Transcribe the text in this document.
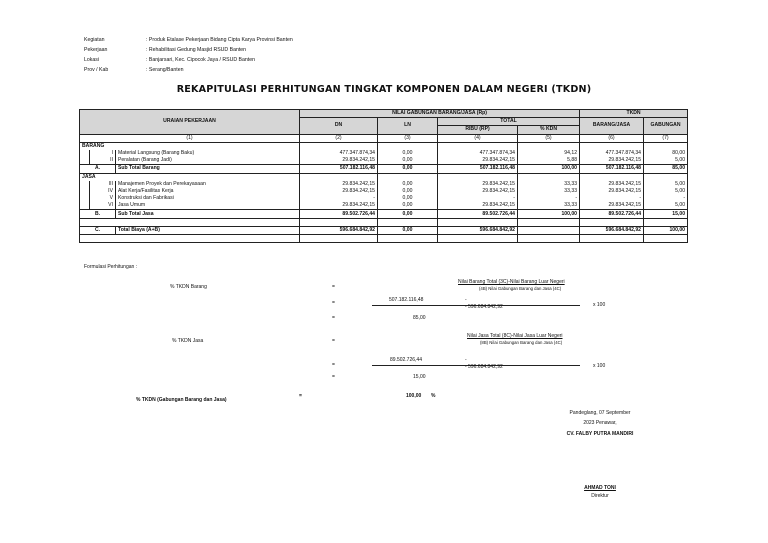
Kegiatan	: Produk Etalase Pekerjaan Bidang Cipta Karya Provinsi Banten
Pekerjaan	: Rehabilitasi Gedung Masjid RSUD Banten
Lokasi	: Banjarsari, Kec. Cipocok Jaya / RSUD Banten
Prov / Kab	: Serang/Banten
REKAPITULASI PERHITUNGAN TINGKAT KOMPONEN DALAM NEGERI (TKDN)
URAIAN PEKERJAAN			NILAI GABUNGAN BARANG/JASA (Rp)				TKDN	
			DN	LN	TOTAL		BARANG/JASA	GABUNGAN
					RIBU (RP)	% KDN		
(1)			(2)	(3)	(4)	(5)	(6)	(7)
BARANG								
	I	Material Langsung (Barang Baku)	477.347.874,34	0,00	477.347.874,34	94,12	477.347.874,34	80,00
	II	Peralatan (Barang Jadi)	29.834.242,15	0,00	29.834.242,15	5,88	29.834.242,15	5,00
A.		Sub Total Barang	507.182.116,48	0,00	507.182.116,48	100,00	507.182.116,48	85,00
JASA								
	III	Manajemen Proyek dan Perekayasaan	29.834.242,15	0,00	29.834.242,15	33,33	29.834.242,15	5,00
	IV	Alat Kerja/Fasilitas Kerja	29.834.242,15	0,00	29.834.242,15	33,33	29.834.242,15	5,00
	V	Konstruksi dan Fabrikasi	-	0,00	-	-	-	-
	VI	Jasa Umum	29.834.242,15	0,00	29.834.242,15	33,33	29.834.242,15	5,00
B.		Sub Total Jasa	89.502.726,44	0,00	89.502.726,44	100,00	89.502.726,44	15,00

C.		Total Biaya (A+B)	596.684.842,92	0,00	596.684.842,92		596.684.842,92	100,00

Formulasi Perhitungan :
% TKDN Barang	=
Nilai Barang Total (3C)-Nilai Barang Luar Negeri
(4B) Nilai Gabungan Barang dan Jasa (4C)
=	507.182.116,48	-
- 596.684.842,92	x 100
=	85,00
% TKDN Jasa	=
Nilai Jasa Total (8C)-Nilai Jasa Luar Negeri
(8B) Nilai Gabungan Barang dan Jasa (4C)
89.502.726,44	-
=	- 596.684.842,92	x 100
=	15,00
% TKDN (Gabungan Barang dan Jasa)
=	100,00 %
Pandeglang, 07 September
2023 Penawar,
CV. FALBY PUTRA MANDIRI
AHMAD TONI
Direktur
